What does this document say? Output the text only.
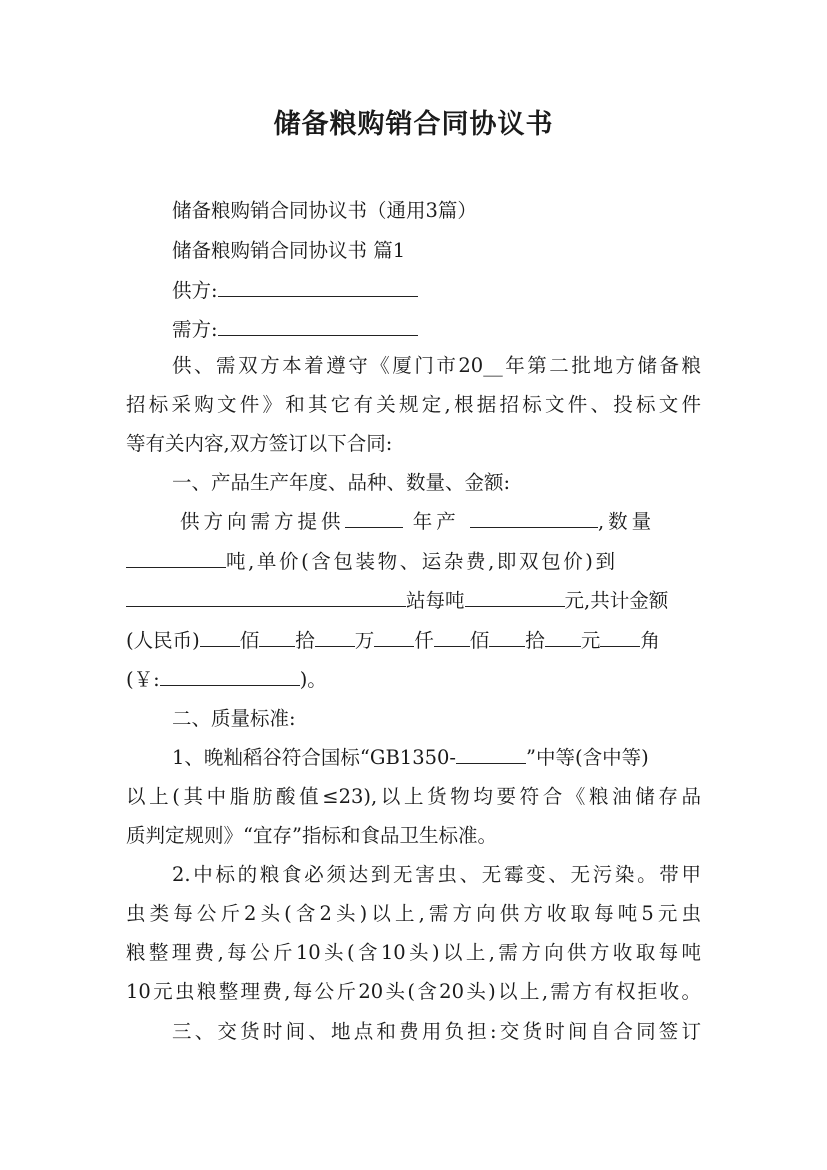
储备粮购销合同协议书
储备粮购销合同协议书（通用3篇）
储备粮购销合同协议书 篇1
供方:
需方:
供、需双方本着遵守《厦门市20__年第二批地方储备粮
招标采购文件》和其它有关规定,根据招标文件、投标文件
等有关内容,双方签订以下合同:
一、产品生产年度、品种、数量、金额:
供方向需方提供	年产	,数量
吨,单价(含包装物、运杂费,即双包价)到
站每吨	元,共计金额
(人民币) 佰 拾 万 仟 佰 拾 元 角
(￥:	)。
二、质量标准:
1、晚籼稻谷符合国标“GB1350-	”中等(含中等)
以上(其中脂肪酸值≤23),以上货物均要符合《粮油储存品
质判定规则》“宜存”指标和食品卫生标准。
2.中标的粮食必须达到无害虫、无霉变、无污染。带甲
虫类每公斤2头(含2头)以上,需方向供方收取每吨5元虫
粮整理费,每公斤10头(含10头)以上,需方向供方收取每吨
10元虫粮整理费,每公斤20头(含20头)以上,需方有权拒收。
三、交货时间、地点和费用负担:交货时间自合同签订
